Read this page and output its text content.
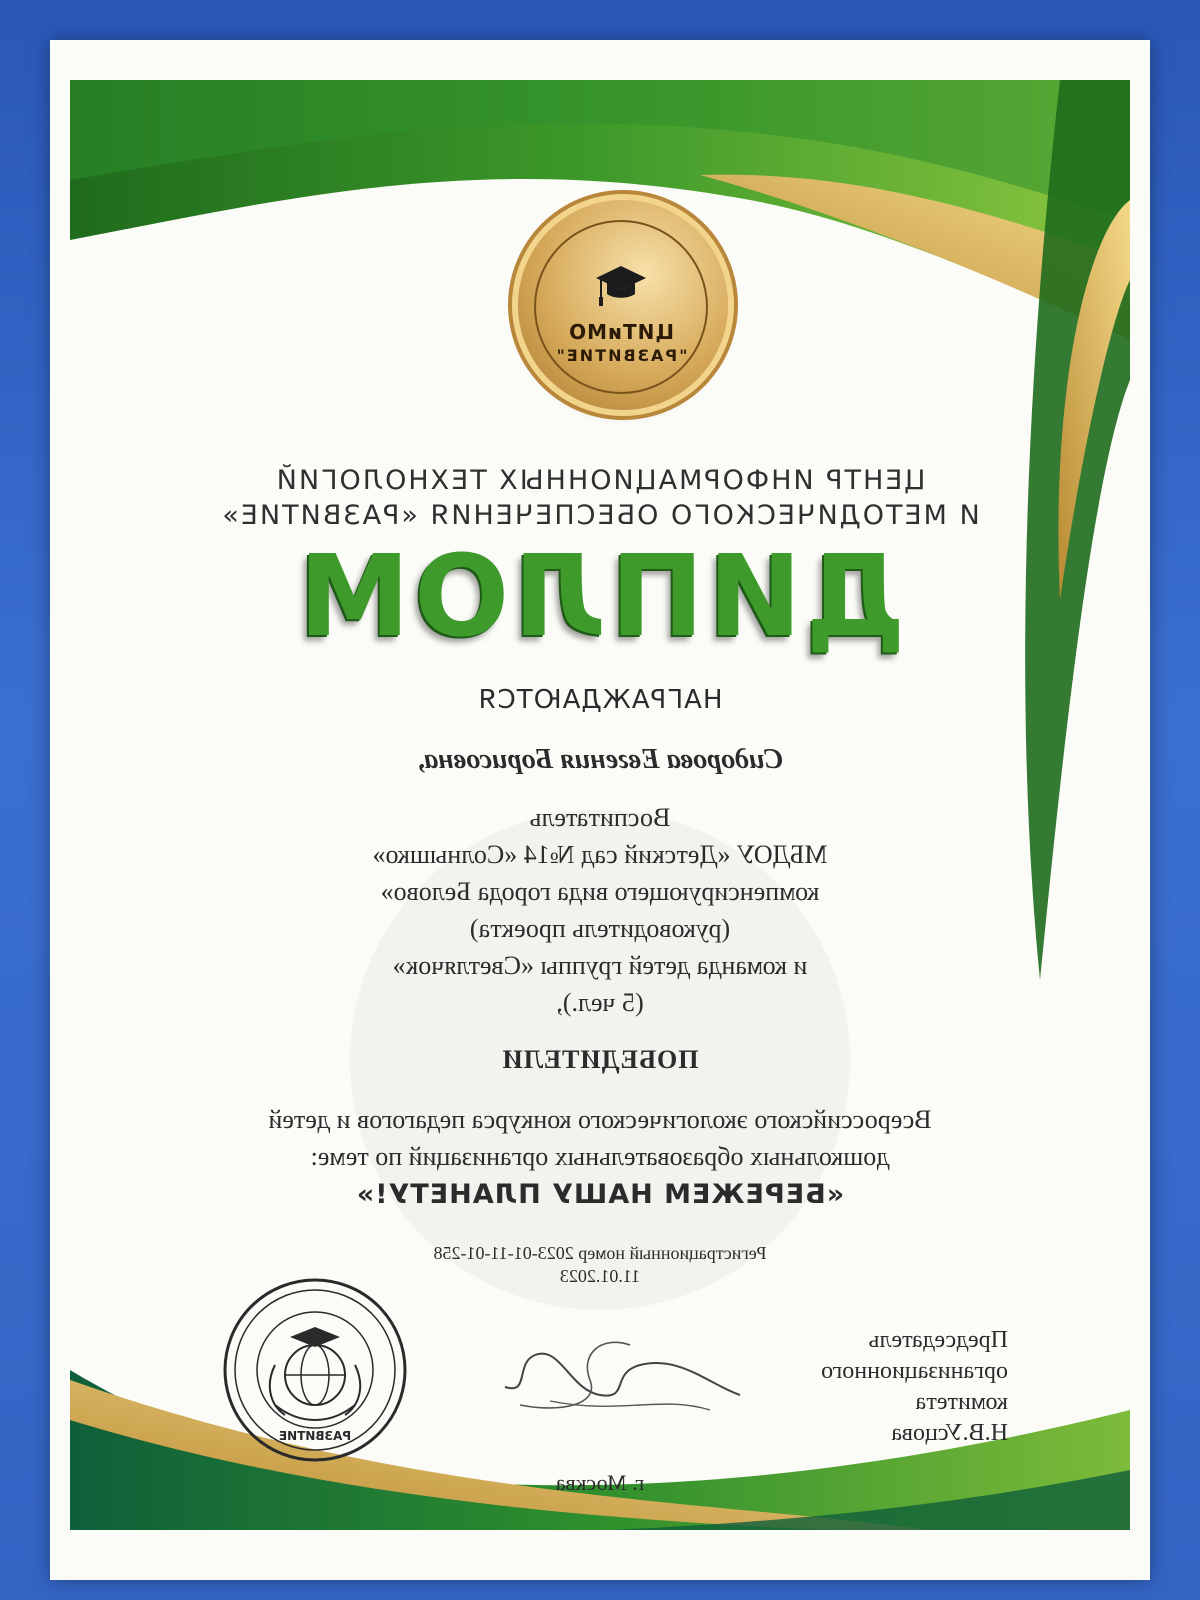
ЦИТиМО
"РАЗВИТИЕ"
ЦЕНТР ИНФОРМАЦИОННЫХ ТЕХНОЛОГИЙ
И МЕТОДИЧЕСКОГО ОБЕСПЕЧЕНИЯ «РАЗВИТИЕ»
ДИПЛОМ
НАГРАЖДАЮТСЯ
Сидорова Евгения Борисовна,
Воспитатель
МБДОУ «Детский сад №14 «Солнышко»
компенсирующего вида города Белово»
(руководитель проекта)
и команда детей группы «Светлячок»
(5 чел.),
ПОБЕДИТЕЛИ
Всероссийского экологического конкурса педагогов и детей
дошкольных образовательных организаций по теме:
«БЕРЕЖЕМ НАШУ ПЛАНЕТУ!»
Регистрационный номер 2023-01-11-01-258
11.01.2023
Председатель
организационного
комитета
Н.В.Усцова
РАЗВИТИЕ
г. Москва
